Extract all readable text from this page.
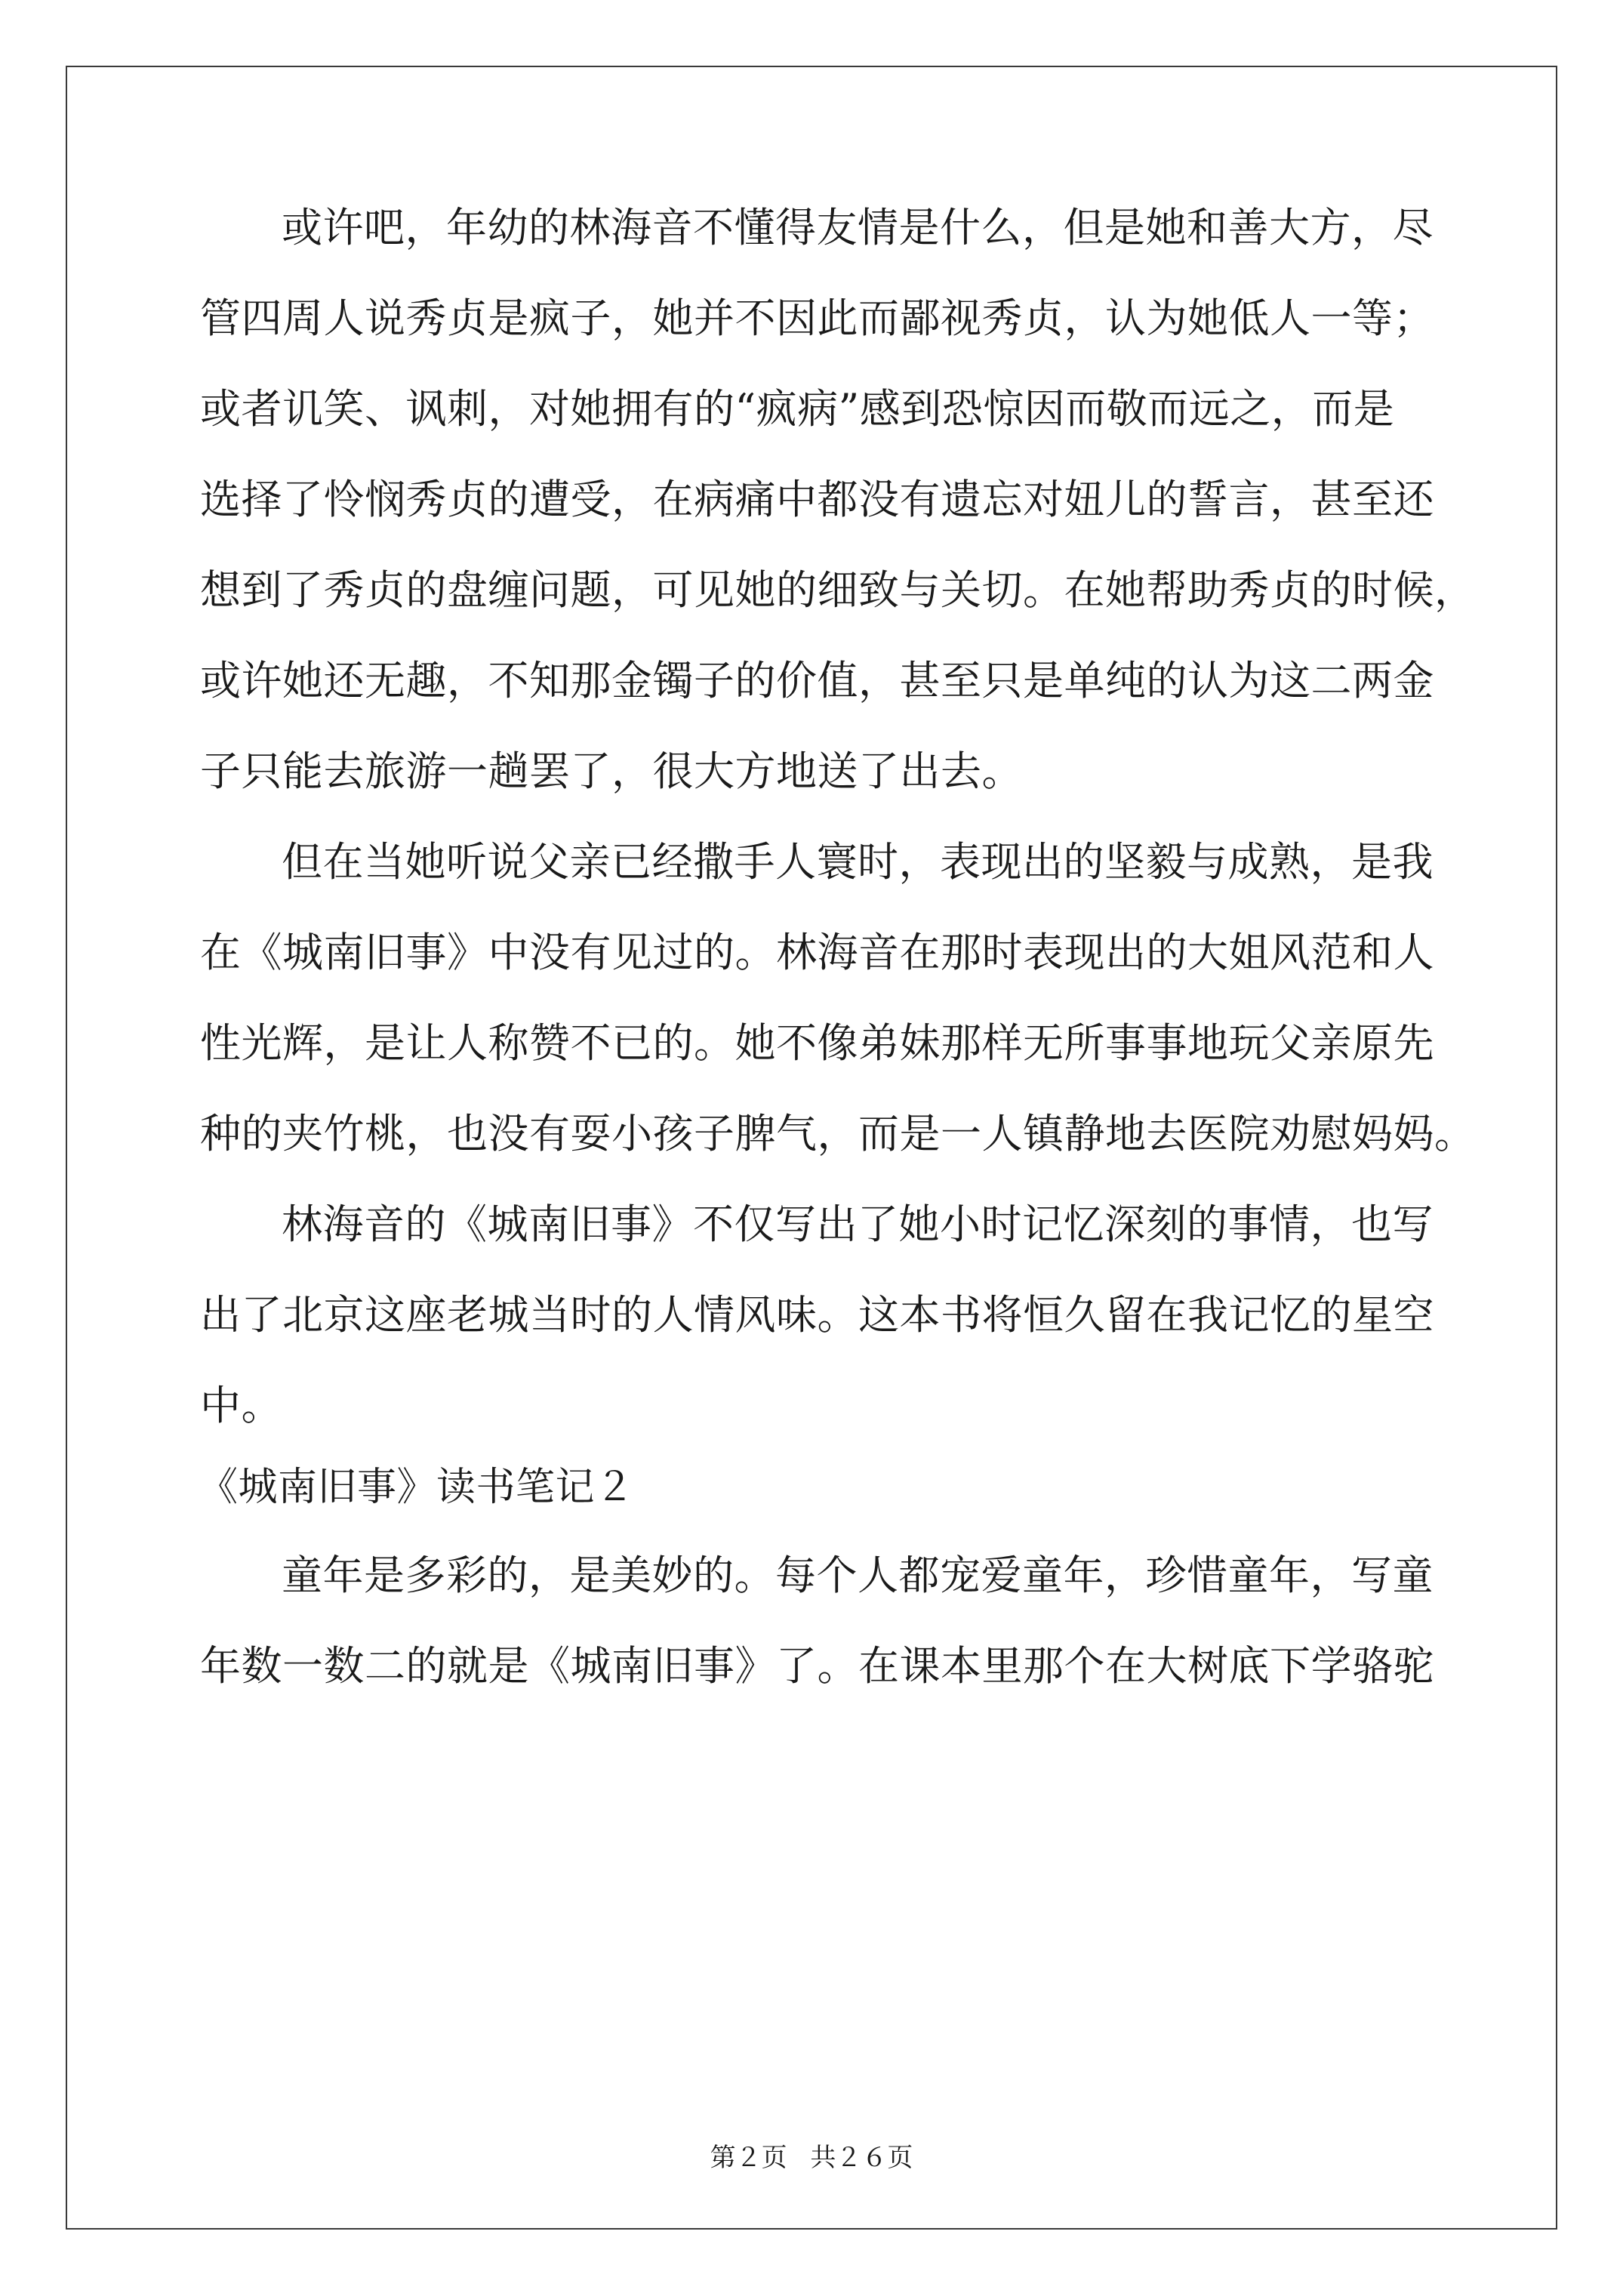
或许吧，年幼的林海音不懂得友情是什么，但是她和善大方，尽
管四周人说秀贞是疯子，她并不因此而鄙视秀贞，认为她低人一等；
或者讥笑、讽刺，对她拥有的“疯病”感到恐惊因而敬而远之，而是
选择了怜悯秀贞的遭受，在病痛中都没有遗忘对妞儿的誓言，甚至还
想到了秀贞的盘缠问题，可见她的细致与关切。在她帮助秀贞的时候，
或许她还无趣，不知那金镯子的价值，甚至只是单纯的认为这二两金
子只能去旅游一趟罢了，很大方地送了出去。
但在当她听说父亲已经撒手人寰时，表现出的坚毅与成熟，是我
在《城南旧事》中没有见过的。林海音在那时表现出的大姐风范和人
性光辉，是让人称赞不已的。她不像弟妹那样无所事事地玩父亲原先
种的夹竹桃，也没有耍小孩子脾气，而是一人镇静地去医院劝慰妈妈。
林海音的《城南旧事》不仅写出了她小时记忆深刻的事情，也写
出了北京这座老城当时的人情风味。这本书将恒久留在我记忆的星空
中。
《城南旧事》读书笔记２
童年是多彩的，是美妙的。每个人都宠爱童年，珍惜童年，写童
年数一数二的就是《城南旧事》了。在课本里那个在大树底下学骆驼
第２页 共２６页
